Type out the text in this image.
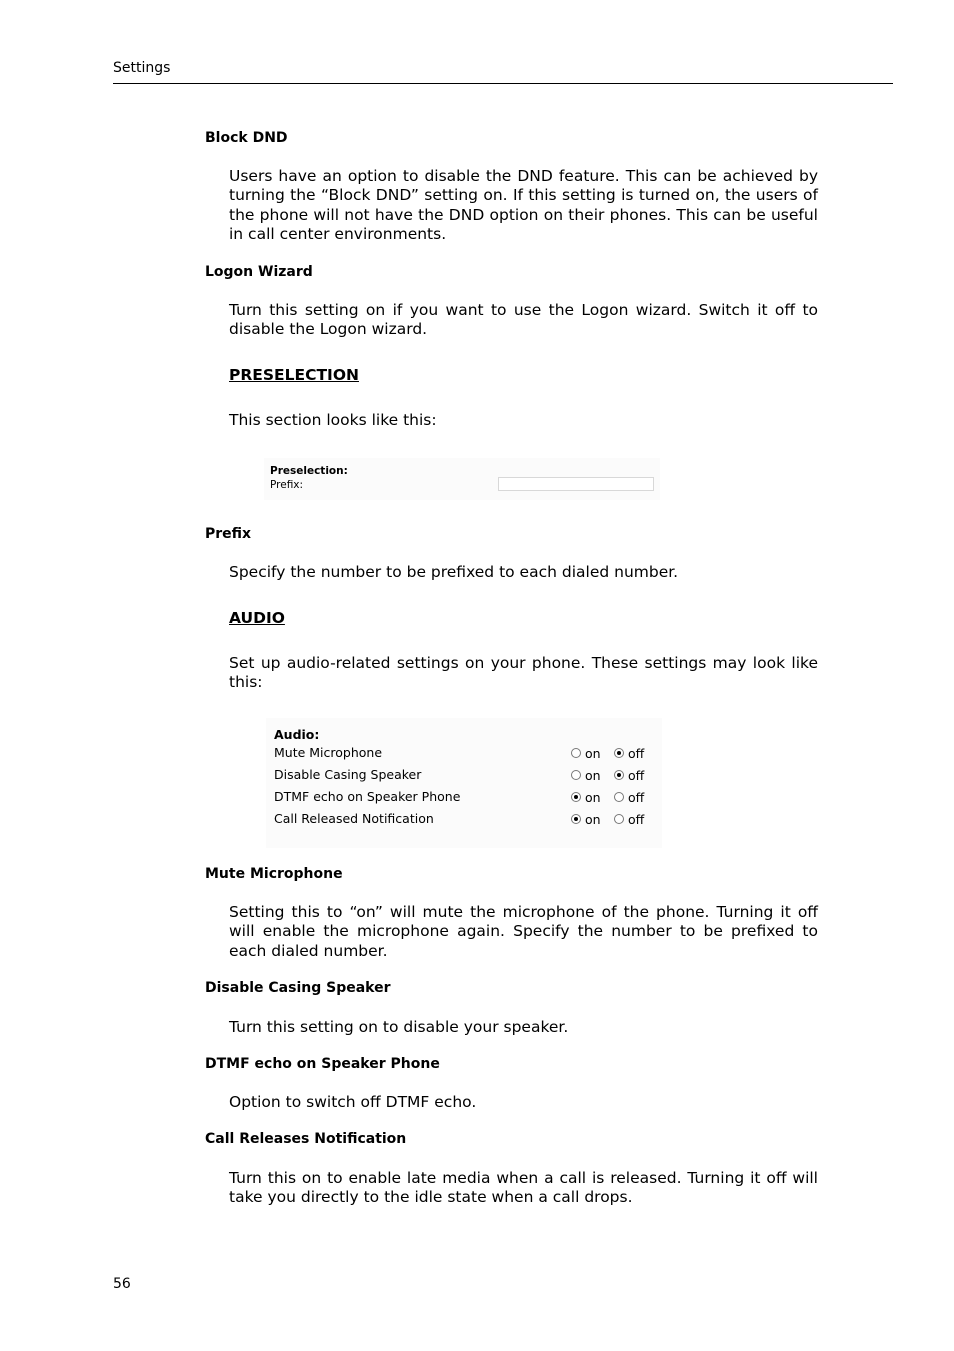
Settings
Block DND
Users have an option to disable the DND feature. This can be achieved by turning the “Block DND” setting on. If this setting is turned on, the users of the phone will not have the DND option on their phones. This can be useful in call center environments.
Logon Wizard
Turn this setting on if you want to use the Logon wizard. Switch it off to disable the Logon wizard.
PRESELECTION
This section looks like this:
Preselection:
Prefix:
Prefix
Specify the number to be prefixed to each dialed number.
AUDIO
Set up audio-related settings on your phone. These settings may look like this:
Audio:
Mute Microphone	on	off
Disable Casing Speaker	on	off
DTMF echo on Speaker Phone	on	off
Call Released Notification	on	off
Mute Microphone
Setting this to “on” will mute the microphone of the phone. Turning it off will enable the microphone again. Specify the number to be prefixed to each dialed number.
Disable Casing Speaker
Turn this setting on to disable your speaker.
DTMF echo on Speaker Phone
Option to switch off DTMF echo.
Call Releases Notification
Turn this on to enable late media when a call is released. Turning it off will take you directly to the idle state when a call drops.
56
